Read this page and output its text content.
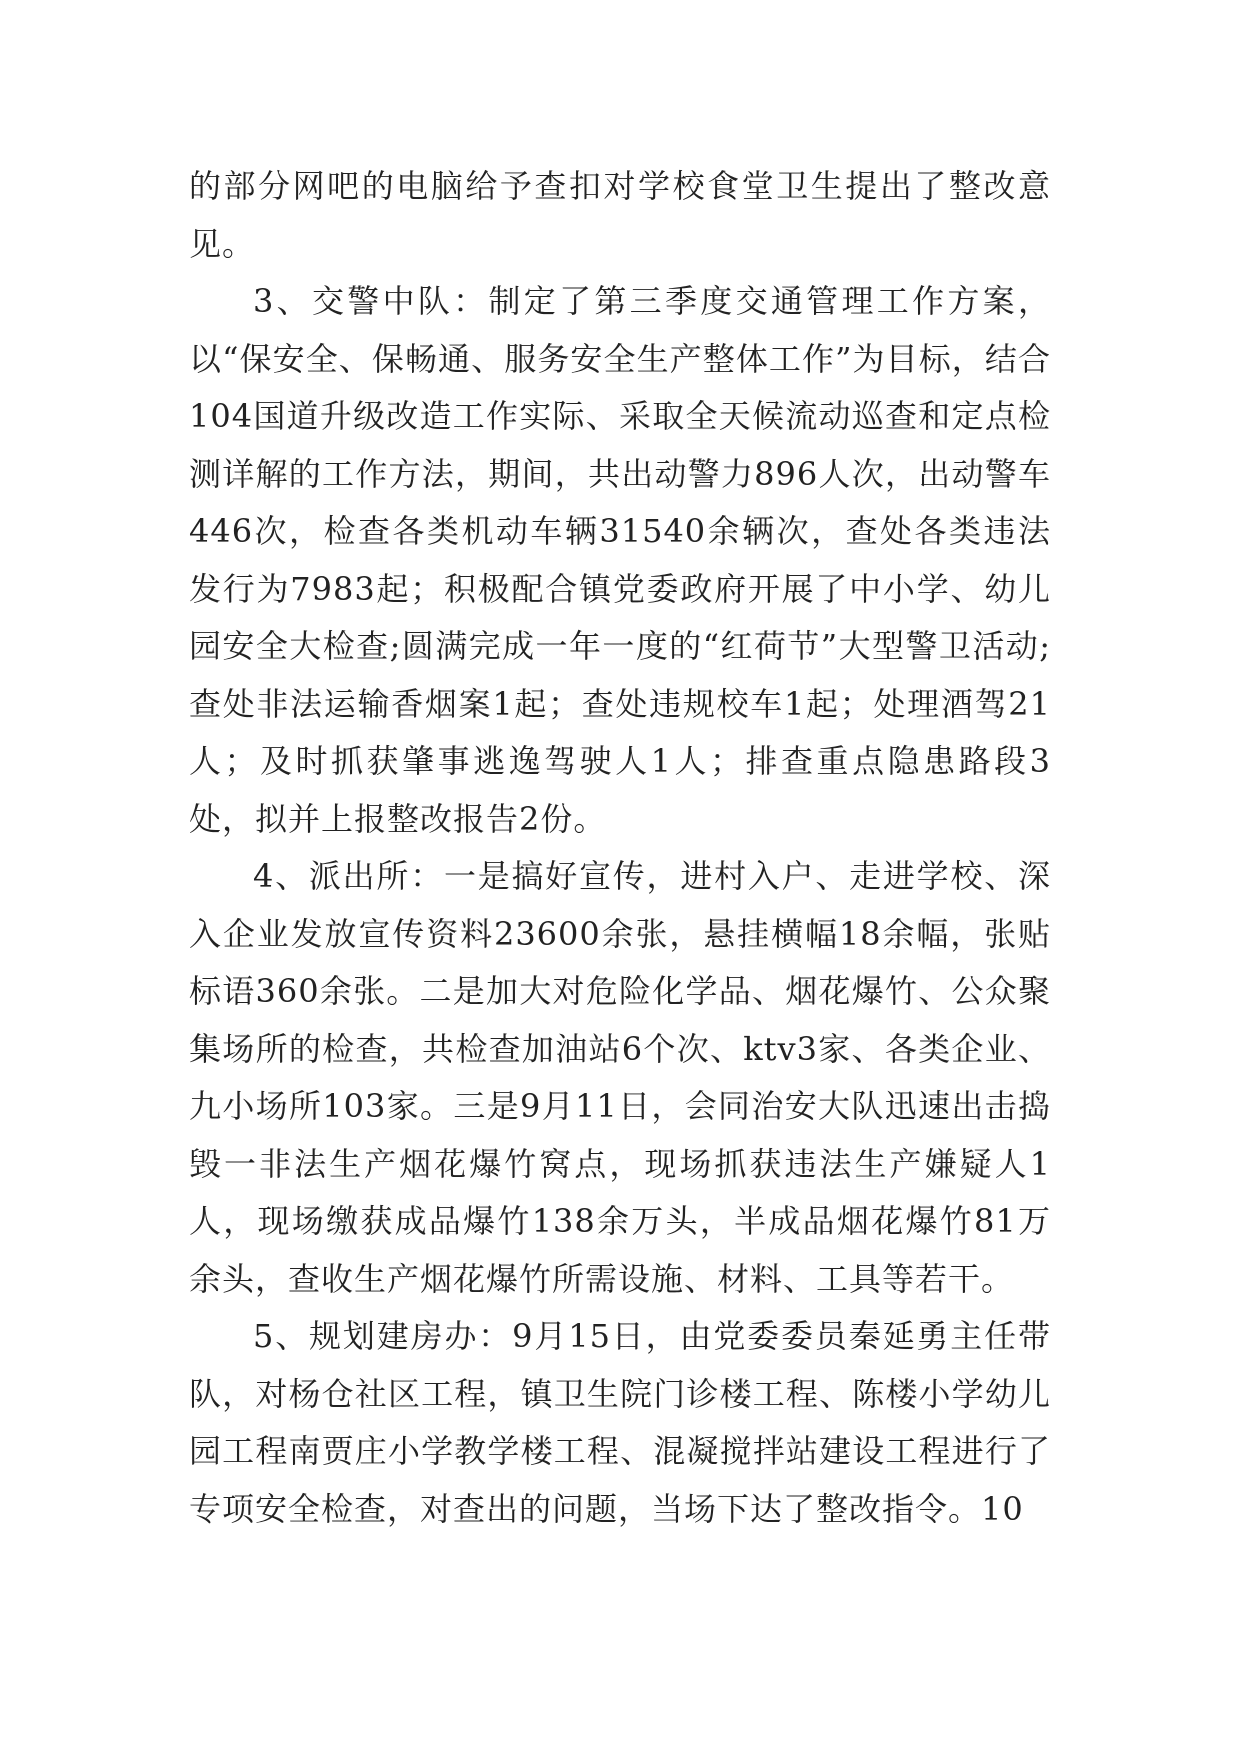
的部分网吧的电脑给予查扣对学校食堂卫生提出了整改意见。

3、交警中队：制定了第三季度交通管理工作方案，以“保安全、保畅通、服务安全生产整体工作”为目标，结合104国道升级改造工作实际、采取全天候流动巡查和定点检测详解的工作方法，期间，共出动警力896人次，出动警车446次，检查各类机动车辆31540余辆次，查处各类违法发行为7983起；积极配合镇党委政府开展了中小学、幼儿园安全大检查;圆满完成一年一度的“红荷节”大型警卫活动;查处非法运输香烟案1起；查处违规校车1起；处理酒驾21人；及时抓获肇事逃逸驾驶人1人；排查重点隐患路段3处，拟并上报整改报告2份。

4、派出所：一是搞好宣传，进村入户、走进学校、深入企业发放宣传资料23600余张，悬挂横幅18余幅，张贴标语360余张。二是加大对危险化学品、烟花爆竹、公众聚集场所的检查，共检查加油站6个次、ktv3家、各类企业、九小场所103家。三是9月11日，会同治安大队迅速出击捣毁一非法生产烟花爆竹窝点，现场抓获违法生产嫌疑人1人，现场缴获成品爆竹138余万头，半成品烟花爆竹81万余头，查收生产烟花爆竹所需设施、材料、工具等若干。

5、规划建房办：9月15日，由党委委员秦延勇主任带队，对杨仓社区工程，镇卫生院门诊楼工程、陈楼小学幼儿园工程南贾庄小学教学楼工程、混凝搅拌站建设工程进行了专项安全检查，对查出的问题，当场下达了整改指令。10
